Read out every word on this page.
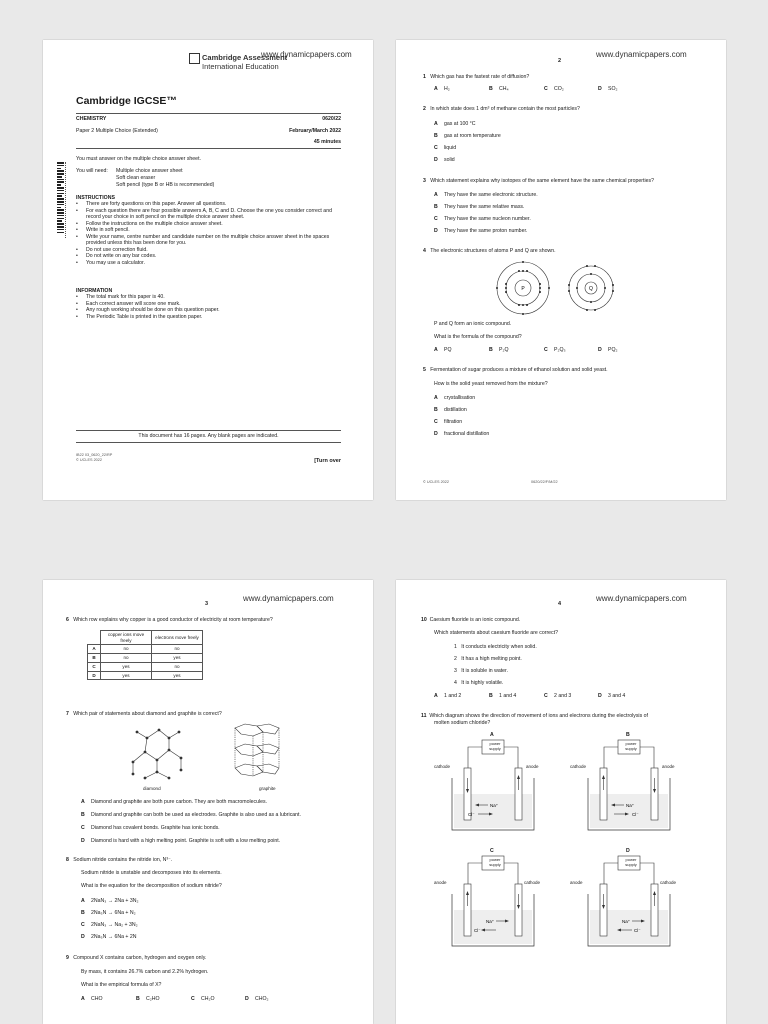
www.dynamicpapers.com
Cambridge Assessment
International Education
Cambridge IGCSE™
CHEMISTRY	0620/22
Paper 2 Multiple Choice (Extended)	February/March 2022
45 minutes
You must answer on the multiple choice answer sheet.
You will need: Multiple choice answer sheet
Soft clean eraser
Soft pencil (type B or HB is recommended)
INSTRUCTIONS
• There are forty questions on this paper. Answer all questions.
• For each question there are four possible answers A, B, C and D. Choose the one you consider correct and record your choice in soft pencil on the multiple choice answer sheet.
• Follow the instructions on the multiple choice answer sheet.
• Write in soft pencil.
• Write your name, centre number and candidate number on the multiple choice answer sheet in the spaces provided unless this has been done for you.
• Do not use correction fluid.
• Do not write on any bar codes.
• You may use a calculator.
INFORMATION
• The total mark for this paper is 40.
• Each correct answer will score one mark.
• Any rough working should be done on this question paper.
• The Periodic Table is printed in the question paper.
This document has 16 pages. Any blank pages are indicated.
IB22 03_0620_22/RP
© UCLES 2022	[Turn over
www.dynamicpapers.com
2
1 Which gas has the fastest rate of diffusion?
A H₂	B CH₄	C CO₂	D SO₂
2 In which state does 1 dm³ of methane contain the most particles?
A gas at 100 °C
B gas at room temperature
C liquid
D solid
3 Which statement explains why isotopes of the same element have the same chemical properties?
A They have the same electronic structure.
B They have the same relative mass.
C They have the same nucleon number.
D They have the same proton number.
4 The electronic structures of atoms P and Q are shown.
P	Q
P and Q form an ionic compound.
What is the formula of the compound?
A PQ	B P₂Q	C P₂Q₃	D PQ₂
5 Fermentation of sugar produces a mixture of ethanol solution and solid yeast.
How is the solid yeast removed from the mixture?
A crystallisation
B distillation
C filtration
D fractional distillation
© UCLES 2022	0620/22/F/M/22
www.dynamicpapers.com
3
6 Which row explains why copper is a good conductor of electricity at room temperature?
	copper ions move freely	electrons move freely
A	no	no
B	no	yes
C	yes	no
D	yes	yes
7 Which pair of statements about diamond and graphite is correct?
diamond	graphite
A Diamond and graphite are both pure carbon. They are both macromolecules.
B Diamond and graphite can both be used as electrodes. Graphite is also used as a lubricant.
C Diamond has covalent bonds. Graphite has ionic bonds.
D Diamond is hard with a high melting point. Graphite is soft with a low melting point.
8 Sodium nitride contains the nitride ion, N³⁻.
Sodium nitride is unstable and decomposes into its elements.
What is the equation for the decomposition of sodium nitride?
A 2NaN₃ → 2Na + 3N₂
B 2Na₃N → 6Na + N₂
C 2NaN₃ → Na₂ + 3N₂
D 2Na₃N → 6Na + 2N
9 Compound X contains carbon, hydrogen and oxygen only.
By mass, it contains 26.7% carbon and 2.2% hydrogen.
What is the empirical formula of X?
A CHO	B C₂HO	C CH₂O	D CHO₂
www.dynamicpapers.com
4
10 Caesium fluoride is an ionic compound.
Which statements about caesium fluoride are correct?
1 It conducts electricity when solid.
2 It has a high melting point.
3 It is soluble in water.
4 It is highly volatile.
A 1 and 2	B 1 and 4	C 2 and 3	D 3 and 4
11 Which diagram shows the direction of movement of ions and electrons during the electrolysis of
molten sodium chloride?
A
Na⁺
Cl⁻
power
supply
cathode	anode
B
Na⁺
Cl⁻
power
supply
cathode	anode
C
Na⁺
Cl⁻
power
supply
anode	cathode
D
Na⁺
Cl⁻
power
supply
anode	cathode
